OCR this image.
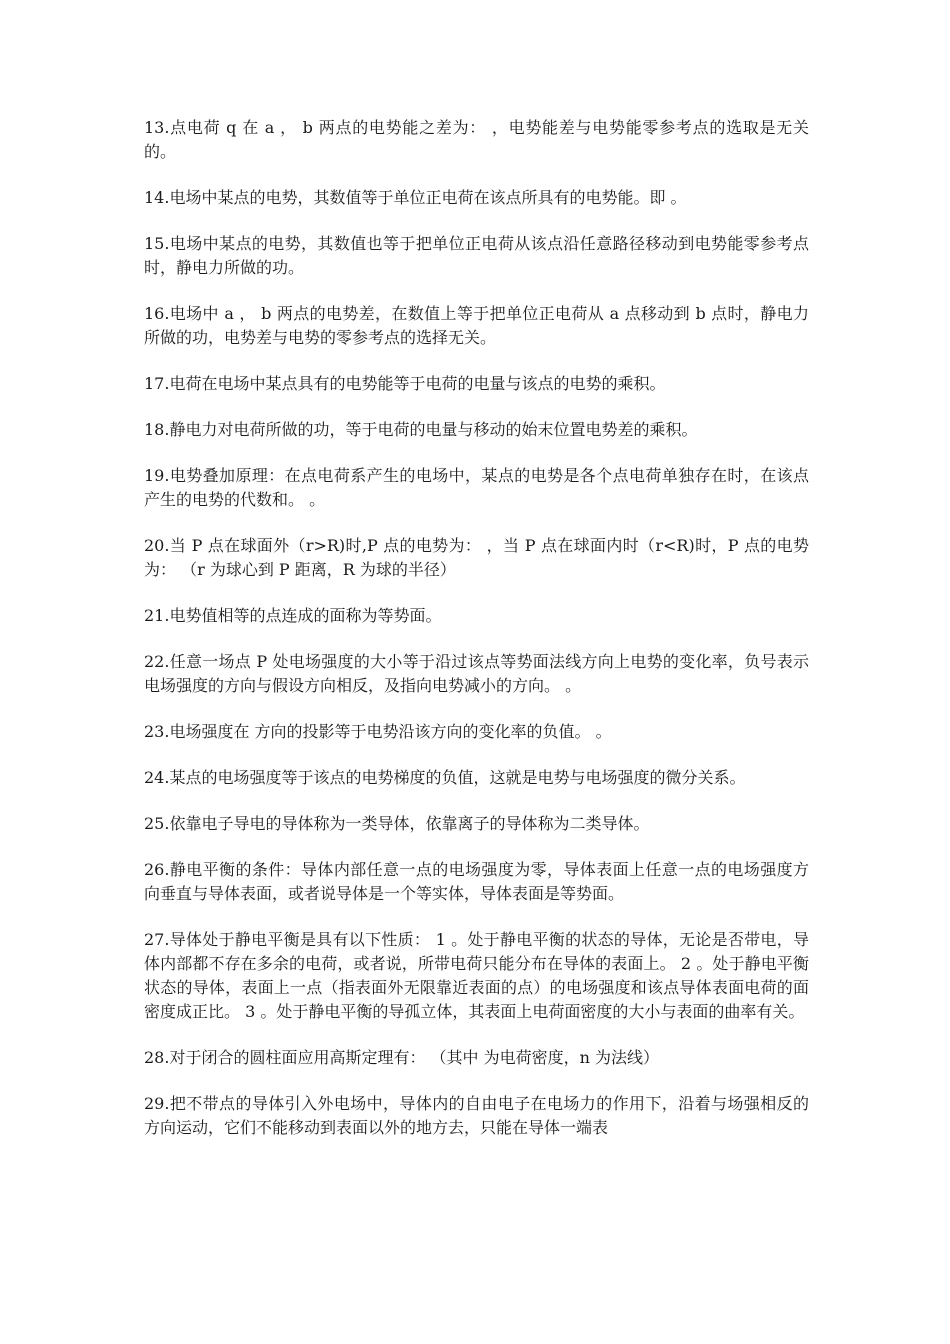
13.点电荷 q 在 a ， b 两点的电势能之差为： ，电势能差与电势能零参考点的选取是无关的。

14.电场中某点的电势，其数值等于单位正电荷在该点所具有的电势能。即 。

15.电场中某点的电势，其数值也等于把单位正电荷从该点沿任意路径移动到电势能零参考点时，静电力所做的功。

16.电场中 a ， b 两点的电势差，在数值上等于把单位正电荷从 a 点移动到 b 点时，静电力所做的功，电势差与电势的零参考点的选择无关。

17.电荷在电场中某点具有的电势能等于电荷的电量与该点的电势的乘积。

18.静电力对电荷所做的功，等于电荷的电量与移动的始末位置电势差的乘积。

19.电势叠加原理：在点电荷系产生的电场中，某点的电势是各个点电荷单独存在时，在该点产生的电势的代数和。 。

20.当 P 点在球面外（r>R)时,P 点的电势为： ，当 P 点在球面内时（r<R)时，P 点的电势为： （r 为球心到 P 距离，R 为球的半径）

21.电势值相等的点连成的面称为等势面。

22.任意一场点 P 处电场强度的大小等于沿过该点等势面法线方向上电势的变化率，负号表示电场强度的方向与假设方向相反，及指向电势减小的方向。 。

23.电场强度在 方向的投影等于电势沿该方向的变化率的负值。 。

24.某点的电场强度等于该点的电势梯度的负值，这就是电势与电场强度的微分关系。

25.依靠电子导电的导体称为一类导体，依靠离子的导体称为二类导体。

26.静电平衡的条件：导体内部任意一点的电场强度为零，导体表面上任意一点的电场强度方向垂直与导体表面，或者说导体是一个等实体，导体表面是等势面。

27.导体处于静电平衡是具有以下性质： 1 。处于静电平衡的状态的导体，无论是否带电，导体内部都不存在多余的电荷，或者说，所带电荷只能分布在导体的表面上。 2 。处于静电平衡状态的导体，表面上一点（指表面外无限靠近表面的点）的电场强度和该点导体表面电荷的面密度成正比。 3 。处于静电平衡的导孤立体，其表面上电荷面密度的大小与表面的曲率有关。

28.对于闭合的圆柱面应用高斯定理有： （其中 为电荷密度，n 为法线）

29.把不带点的导体引入外电场中，导体内的自由电子在电场力的作用下，沿着与场强相反的方向运动，它们不能移动到表面以外的地方去，只能在导体一端表
